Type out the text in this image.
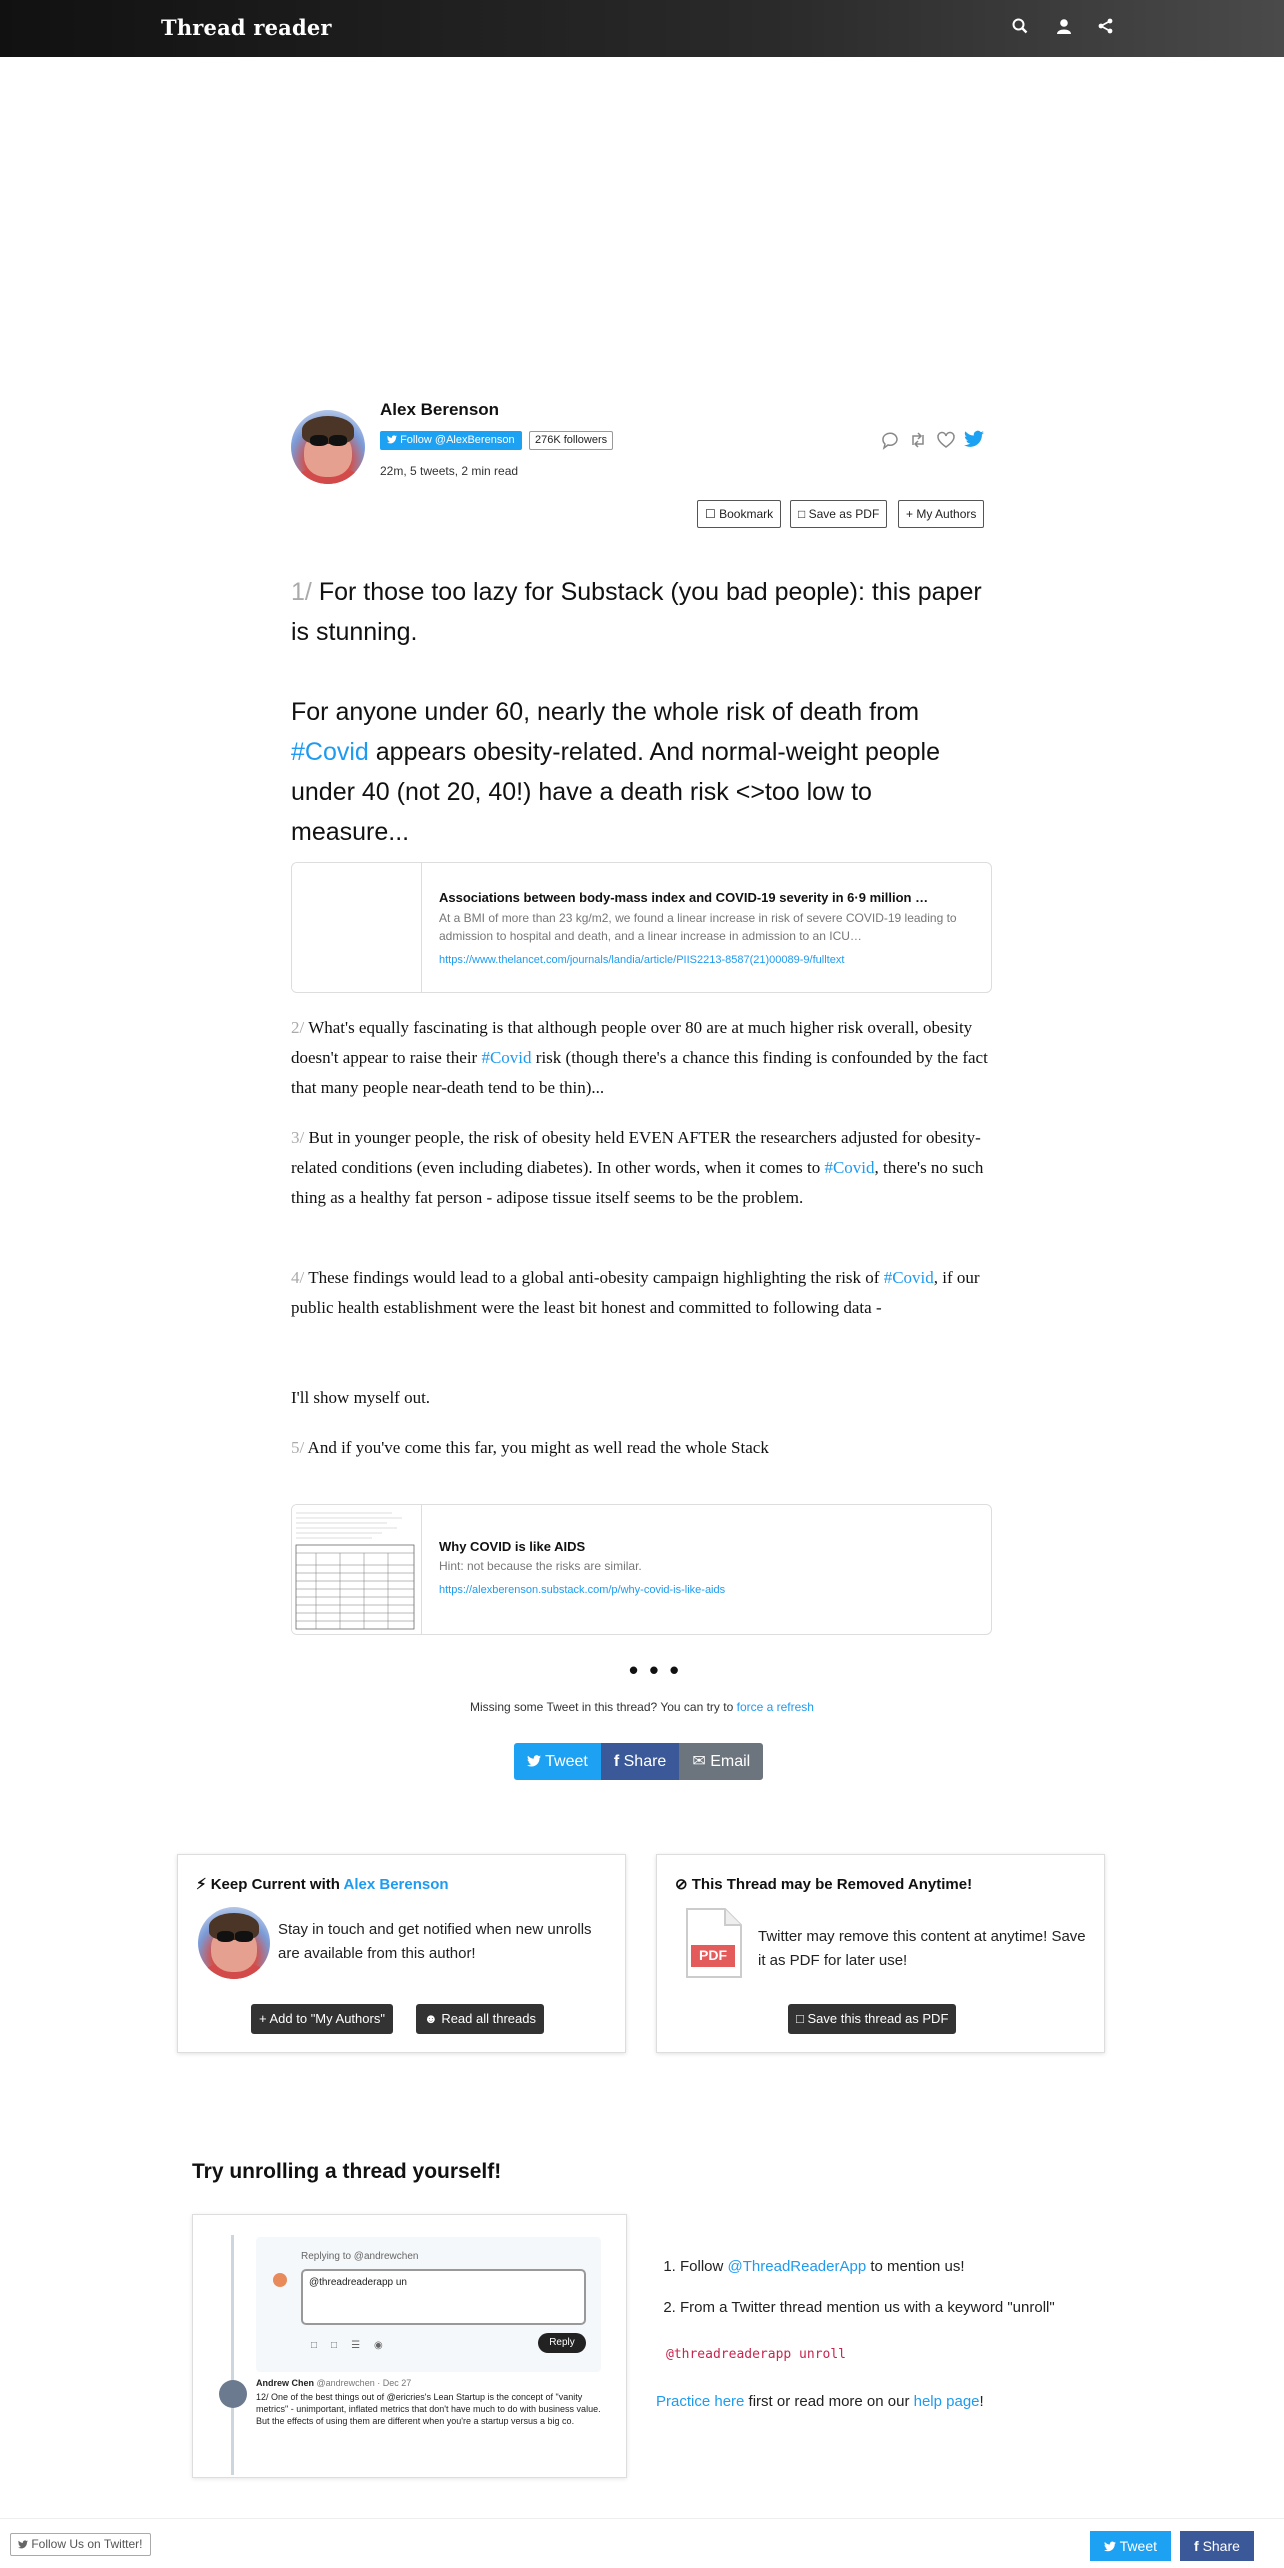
Thread reader
Alex Berenson
Follow @AlexBerenson	276K followers
22m, 5 tweets, 2 min read
☐ Bookmark	□ Save as PDF	+ My Authors
1/ For those too lazy for Substack (you bad people): this paper is stunning.
For anyone under 60, nearly the whole risk of death from #Covid appears obesity-related. And normal-weight people under 40 (not 20, 40!) have a death risk <>too low to measure...
Associations between body-mass index and COVID-19 severity in 6·9 million …
At a BMI of more than 23 kg/m2, we found a linear increase in risk of severe COVID-19 leading to admission to hospital and death, and a linear increase in admission to an ICU…
https://www.thelancet.com/journals/landia/article/PIIS2213-8587(21)00089-9/fulltext
2/ What's equally fascinating is that although people over 80 are at much higher risk overall, obesity doesn't appear to raise their #Covid risk (though there's a chance this finding is confounded by the fact that many people near-death tend to be thin)...
3/ But in younger people, the risk of obesity held EVEN AFTER the researchers adjusted for obesity-related conditions (even including diabetes). In other words, when it comes to #Covid, there's no such thing as a healthy fat person - adipose tissue itself seems to be the problem.
4/ These findings would lead to a global anti-obesity campaign highlighting the risk of #Covid, if our public health establishment were the least bit honest and committed to following data -
I'll show myself out.
5/ And if you've come this far, you might as well read the whole Stack
Why COVID is like AIDS
Hint: not because the risks are similar.
https://alexberenson.substack.com/p/why-covid-is-like-aids
• • •
Missing some Tweet in this thread? You can try to force a refresh
Tweet	f Share	✉ Email
⚡︎ Keep Current with Alex Berenson

Stay in touch and get notified when new unrolls are available from this author!

+ Add to "My Authors"	☻ Read all threads
⊘ This Thread may be Removed Anytime!
PDF

Twitter may remove this content at anytime! Save it as PDF for later use!

□ Save this thread as PDF
Try unrolling a thread yourself!
Replying to @andrewchen
@threadreaderapp un
□□☰◉	Reply
Andrew Chen @andrewchen · Dec 27
12/ One of the best things out of @ericries's Lean Startup is the concept of "vanity metrics" - unimportant, inflated metrics that don't have much to do with business value. But the effects of using them are different when you're a startup versus a big co.
1. Follow @ThreadReaderApp to mention us!
2. From a Twitter thread mention us with a keyword "unroll"
@threadreaderapp unroll
Practice here first or read more on our help page!
Follow Us on Twitter!	Tweet	f Share
